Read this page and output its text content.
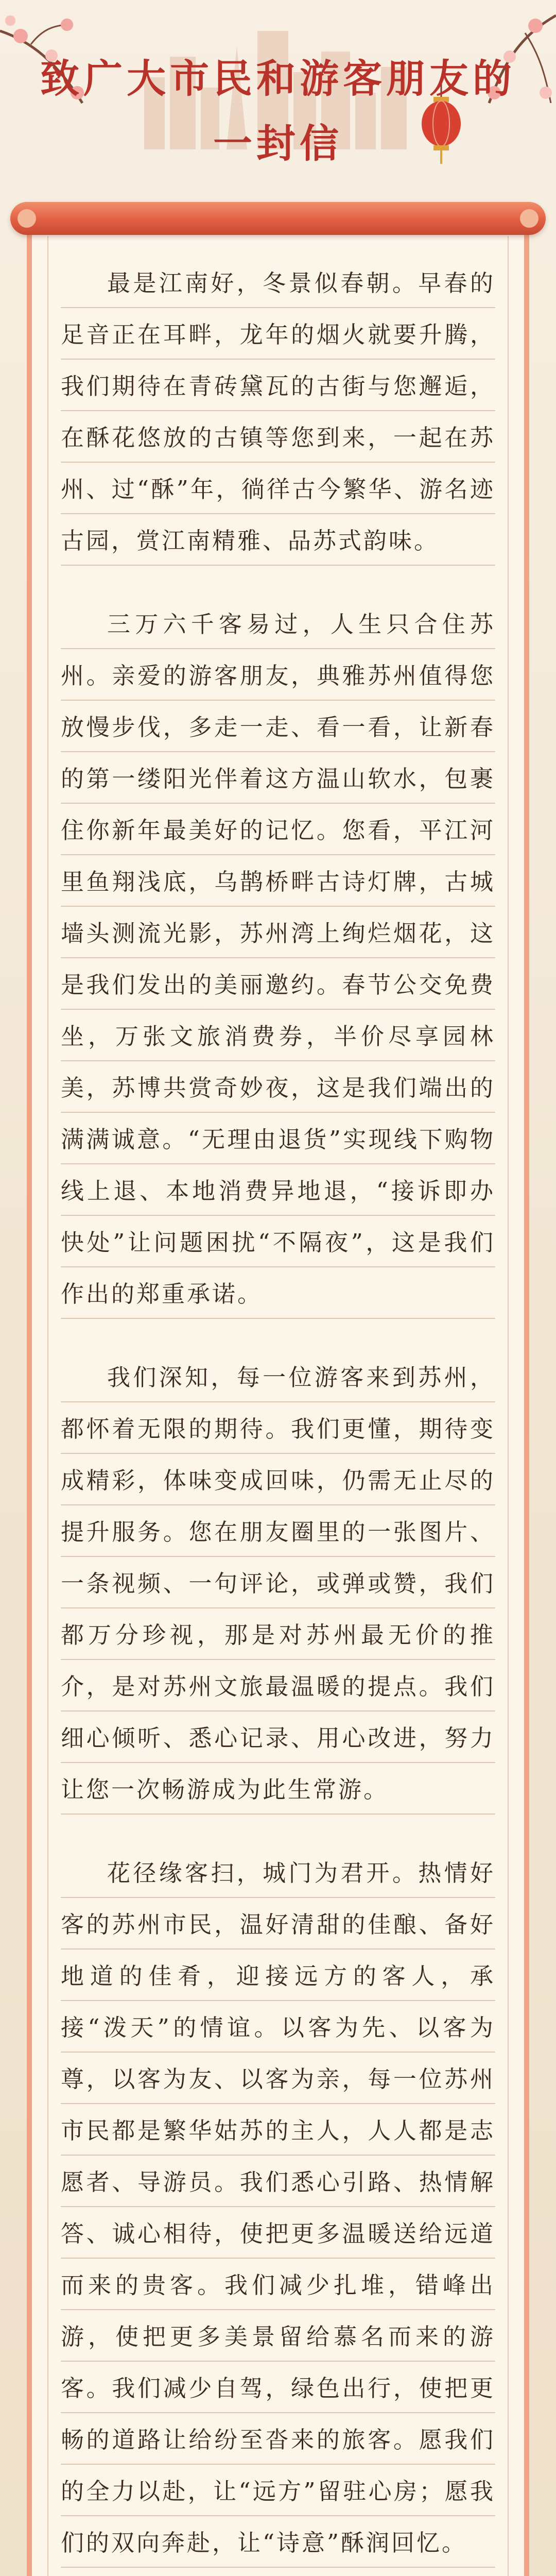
致广大市民和游客朋友的
一封信

最是江南好，冬景似春朝。早春的足音正在耳畔，龙年的烟火就要升腾，我们期待在青砖黛瓦的古街与您邂逅，在酥花悠放的古镇等您到来，一起在苏州、过“酥”年，徜徉古今繁华、游名迹古园，赏江南精雅、品苏式韵味。

三万六千客易过，人生只合住苏州。亲爱的游客朋友，典雅苏州值得您放慢步伐，多走一走、看一看，让新春的第一缕阳光伴着这方温山软水，包裹住你新年最美好的记忆。您看，平江河里鱼翔浅底，乌鹊桥畔古诗灯牌，古城墙头测流光影，苏州湾上绚烂烟花，这是我们发出的美丽邀约。春节公交免费坐，万张文旅消费券，半价尽享园林美，苏博共赏奇妙夜，这是我们端出的满满诚意。“无理由退货”实现线下购物线上退、本地消费异地退，“接诉即办快处”让问题困扰“不隔夜”，这是我们作出的郑重承诺。

我们深知，每一位游客来到苏州，都怀着无限的期待。我们更懂，期待变成精彩，体味变成回味，仍需无止尽的提升服务。您在朋友圈里的一张图片、一条视频、一句评论，或弹或赞，我们都万分珍视，那是对苏州最无价的推介，是对苏州文旅最温暖的提点。我们细心倾听、悉心记录、用心改进，努力让您一次畅游成为此生常游。

花径缘客扫，城门为君开。热情好客的苏州市民，温好清甜的佳酿、备好地道的佳肴，迎接远方的客人，承接“泼天”的情谊。以客为先、以客为尊，以客为友、以客为亲，每一位苏州市民都是繁华姑苏的主人，人人都是志愿者、导游员。我们悉心引路、热情解答、诚心相待，使把更多温暖送给远道而来的贵客。我们减少扎堆，错峰出游，使把更多美景留给慕名而来的游客。我们减少自驾，绿色出行，使把更畅的道路让给纷至沓来的旅客。愿我们的全力以赴，让“远方”留驻心房；愿我们的双向奔赴，让“诗意”酥润回忆。
